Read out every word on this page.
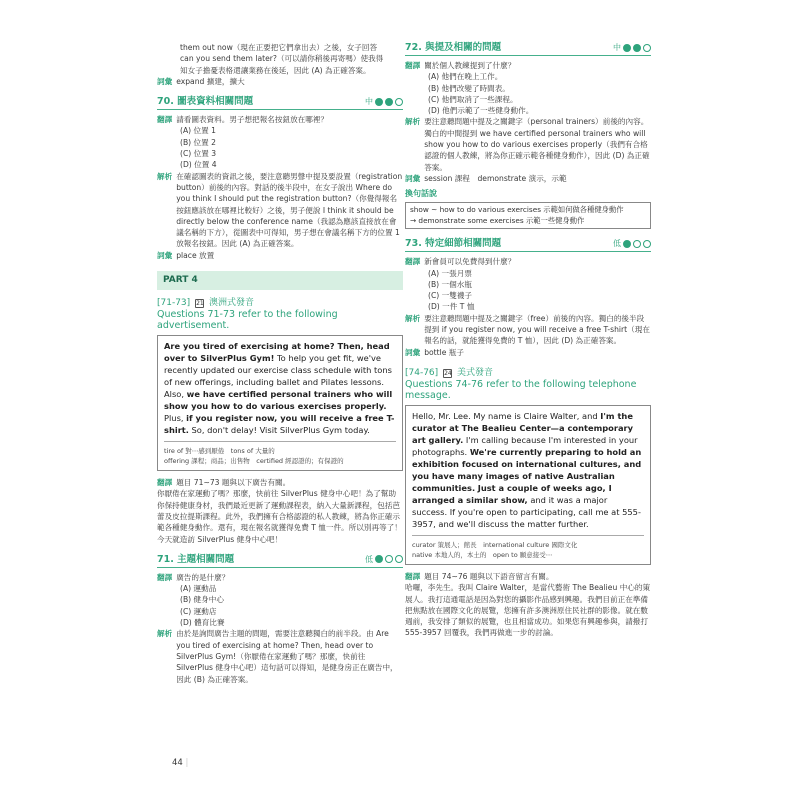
them out now（現在正要把它們拿出去）之後，女子回答
can you send them later?（可以請你稍後再寄嗎）使我得
知女子擔憂表格還讓業務在後延，因此 (A) 為正確答案。
詞彙 expand 擴建，擴大
70. 圖表資料相關問題	中
翻譯 請看圖表資料。男子想把報名按鈕放在哪裡？
(A) 位置 1
(B) 位置 2
(C) 位置 3
(D) 位置 4
解析 在確認圖表的資訊之後，要注意聽男聲中提及要設置（registration button）前後的內容。對話的後半段中，在女子說出 Where do you think I should put the registration button?（你覺得報名按鈕應該放在哪裡比較好）之後，男子便說 I think it should be directly below the conference name（我認為應該直接放在會議名稱的下方），從圖表中可得知，男子想在會議名稱下方的位置 1 放報名按鈕。因此 (A) 為正確答案。
詞彙 place 放置
PART 4
[71-73] 21 澳洲式發音
Questions 71-73 refer to the following advertisement.
Are you tired of exercising at home? Then, head over to SilverPlus Gym! To help you get fit, we've recently updated our exercise class schedule with tons of new offerings, including ballet and Pilates lessons. Also, we have certified personal trainers who will show you how to do various exercises properly. Plus, if you register now, you will receive a free T-shirt. So, don't delay! Visit SilverPlus Gym today.
tire of 對⋯感到厭倦　tons of 大量的
offering 課程；商品；出售物　certified 經認證的；有保證的
翻譯 題目 71~73 題與以下廣告有關。
你厭倦在家運動了嗎？那麼，快前往 SilverPlus 健身中心吧！為了幫助你保持健康身材，我們最近更新了運動課程表，納入大量新課程，包括芭蕾及皮拉提斯課程。此外，我們擁有合格認證的私人教練，將為你正確示範各種健身動作。還有，現在報名就獲得免費 T 恤一件。所以別再等了！今天就造訪 SilverPlus 健身中心吧！
71. 主題相關問題	低
翻譯 廣告的是什麼？
(A) 運動品
(B) 健身中心
(C) 運動店
(D) 體育比賽
解析 由於是詢問廣告主題的問題，需要注意聽獨白的前半段。由 Are you tired of exercising at home? Then, head over to SilverPlus Gym!（你厭倦在家運動了嗎？那麼，快前往 SilverPlus 健身中心吧）這句話可以得知，是健身房正在廣告中，因此 (B) 為正確答案。
72. 與提及相關的問題	中
翻譯 關於個人教練提到了什麼？
(A) 他們在晚上工作。
(B) 他們改變了時間表。
(C) 他們取消了一些課程。
(D) 他們示範了一些健身動作。
解析 要注意聽問題中提及之關鍵字（personal trainers）前後的內容。獨白的中間提到 we have certified personal trainers who will show you how to do various exercises properly（我們有合格認證的個人教練，將為你正確示範各種健身動作），因此 (D) 為正確答案。
詞彙 session 課程　demonstrate 演示，示範
換句話說
show ~ how to do various exercises 示範如何做各種健身動作
→ demonstrate some exercises 示範一些健身動作
73. 特定細節相關問題	低
翻譯 新會員可以免費得到什麼？
(A) 一張月票
(B) 一個水瓶
(C) 一雙襪子
(D) 一件 T 恤
解析 要注意聽問題中提及之關鍵字（free）前後的內容。獨白的後半段提到 if you register now, you will receive a free T-shirt（現在報名的話，就能獲得免費的 T 恤），因此 (D) 為正確答案。
詞彙 bottle 瓶子
[74-76] 24 美式發音
Questions 74-76 refer to the following telephone message.
Hello, Mr. Lee. My name is Claire Walter, and I'm the curator at The Bealieu Center—a contemporary art gallery. I'm calling because I'm interested in your photographs. We're currently preparing to hold an exhibition focused on international cultures, and you have many images of native Australian communities. Just a couple of weeks ago, I arranged a similar show, and it was a major success. If you're open to participating, call me at 555-3957, and we'll discuss the matter further.
curator 策展人；館長　international culture 國際文化
native 本地人的，本土的　open to 願意接受⋯
翻譯 題目 74~76 題與以下語音留言有關。
哈囉，李先生。我叫 Claire Walter，是當代藝術 The Bealieu 中心的策展人。我打這通電話是因為對您的攝影作品感到興趣。我們目前正在準備把焦點放在國際文化的展覽，您擁有許多澳洲原住民社群的影像。就在數週前，我安排了類似的展覽，也且相當成功。如果您有興趣參與，請撥打 555-3957 回覆我，我們再做進一步的討論。
44 |
